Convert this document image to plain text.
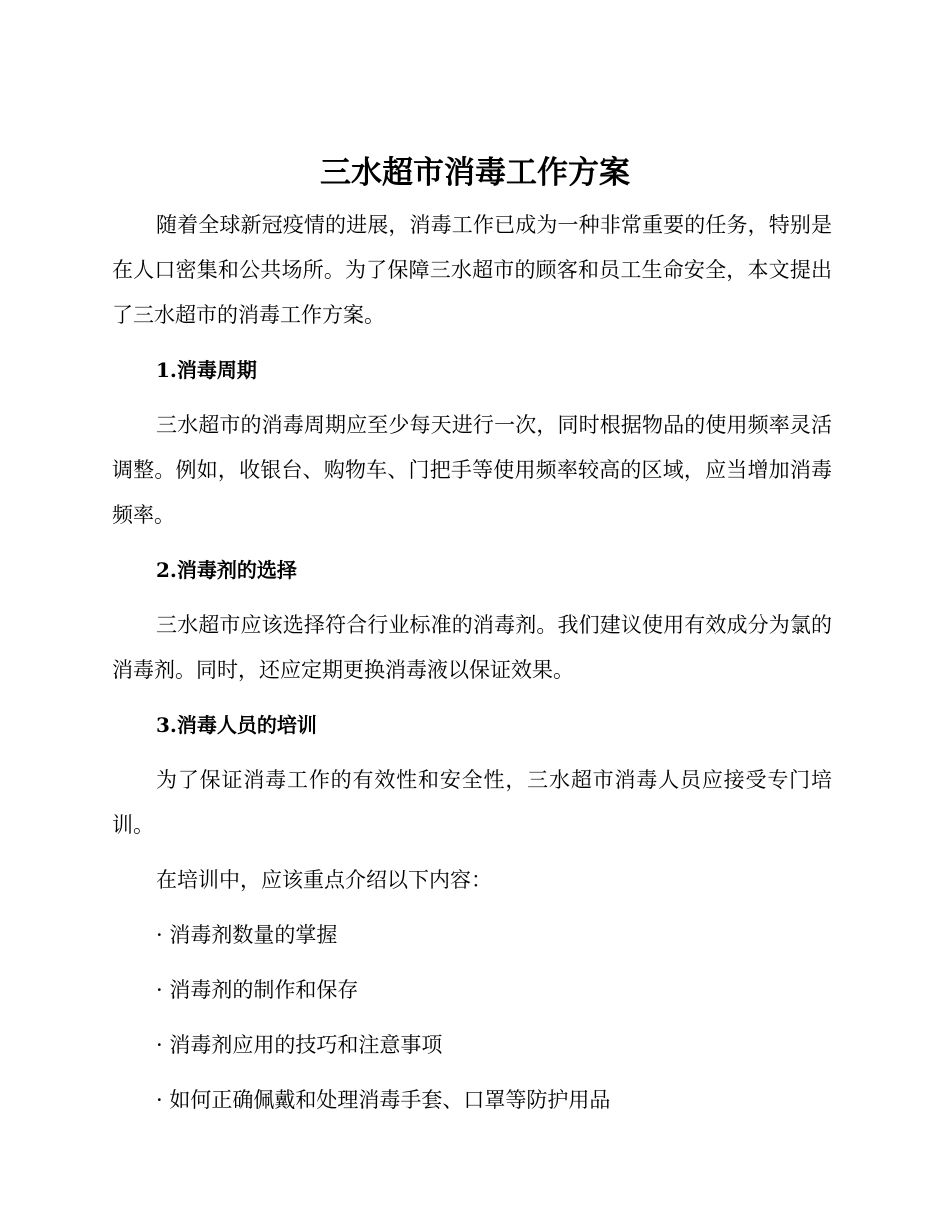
三水超市消毒工作方案

随着全球新冠疫情的进展，消毒工作已成为一种非常重要的任务，特别是在人口密集和公共场所。为了保障三水超市的顾客和员工生命安全，本文提出了三水超市的消毒工作方案。

1.消毒周期

三水超市的消毒周期应至少每天进行一次，同时根据物品的使用频率灵活调整。例如，收银台、购物车、门把手等使用频率较高的区域，应当增加消毒频率。

2.消毒剂的选择

三水超市应该选择符合行业标准的消毒剂。我们建议使用有效成分为氯的消毒剂。同时，还应定期更换消毒液以保证效果。

3.消毒人员的培训

为了保证消毒工作的有效性和安全性，三水超市消毒人员应接受专门培训。

在培训中，应该重点介绍以下内容：

· 消毒剂数量的掌握

· 消毒剂的制作和保存

· 消毒剂应用的技巧和注意事项

· 如何正确佩戴和处理消毒手套、口罩等防护用品
